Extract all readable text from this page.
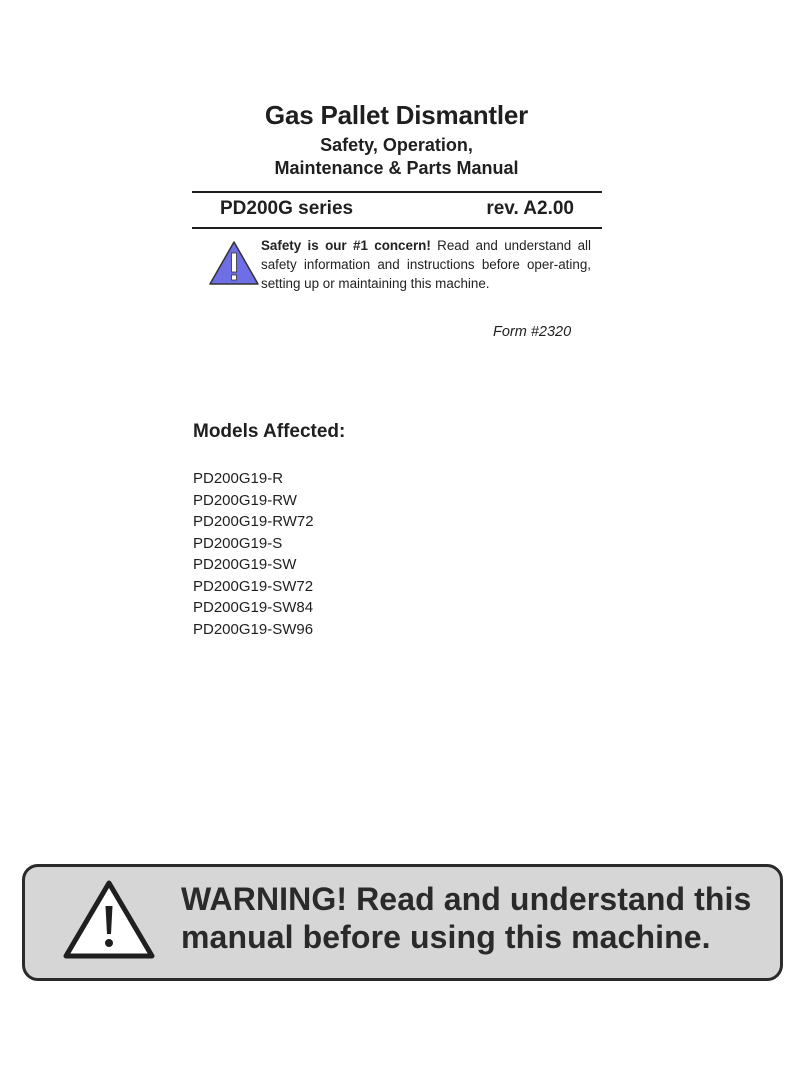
Gas Pallet Dismantler
Safety, Operation,
Maintenance & Parts Manual
PD200G series	rev. A2.00
Safety is our #1 concern! Read and understand all safety information and instructions before oper-ating, setting up or maintaining this machine.
Form #2320
Models Affected:
PD200G19-R
PD200G19-RW
PD200G19-RW72
PD200G19-S
PD200G19-SW
PD200G19-SW72
PD200G19-SW84
PD200G19-SW96
WARNING! Read and understand this
manual before using this machine.
